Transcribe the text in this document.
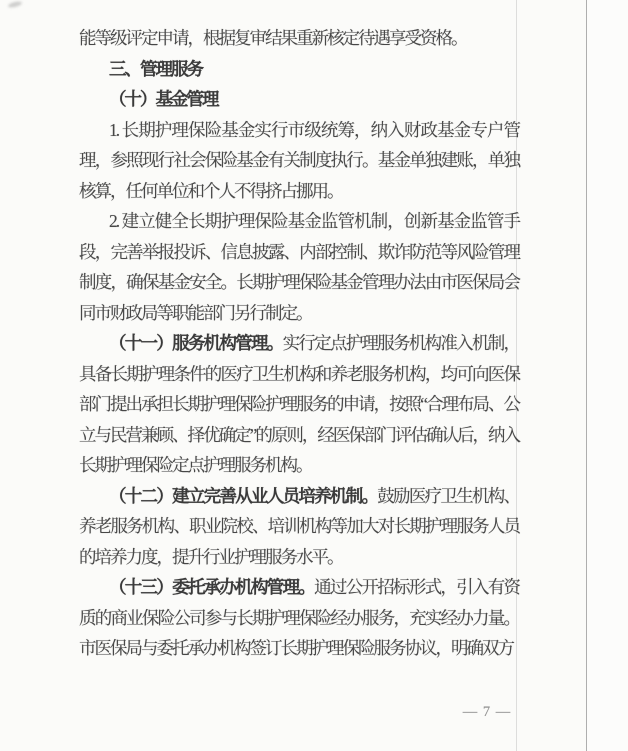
能等级评定申请，根据复审结果重新核定待遇享受资格。

三、管理服务

（十）基金管理

1. 长期护理保险基金实行市级统筹，纳入财政基金专户管理，参照现行社会保险基金有关制度执行。基金单独建账，单独核算，任何单位和个人不得挤占挪用。

2. 建立健全长期护理保险基金监管机制，创新基金监管手段，完善举报投诉、信息披露、内部控制、欺诈防范等风险管理制度，确保基金安全。长期护理保险基金管理办法由市医保局会同市财政局等职能部门另行制定。

（十一）服务机构管理。实行定点护理服务机构准入机制，具备长期护理条件的医疗卫生机构和养老服务机构，均可向医保部门提出承担长期护理保险护理服务的申请，按照“合理布局、公立与民营兼顾、择优确定”的原则，经医保部门评估确认后，纳入长期护理保险定点护理服务机构。

（十二）建立完善从业人员培养机制。鼓励医疗卫生机构、养老服务机构、职业院校、培训机构等加大对长期护理服务人员的培养力度，提升行业护理服务水平。

（十三）委托承办机构管理。通过公开招标形式，引入有资质的商业保险公司参与长期护理保险经办服务，充实经办力量。市医保局与委托承办机构签订长期护理保险服务协议，明确双方

— 7 —
